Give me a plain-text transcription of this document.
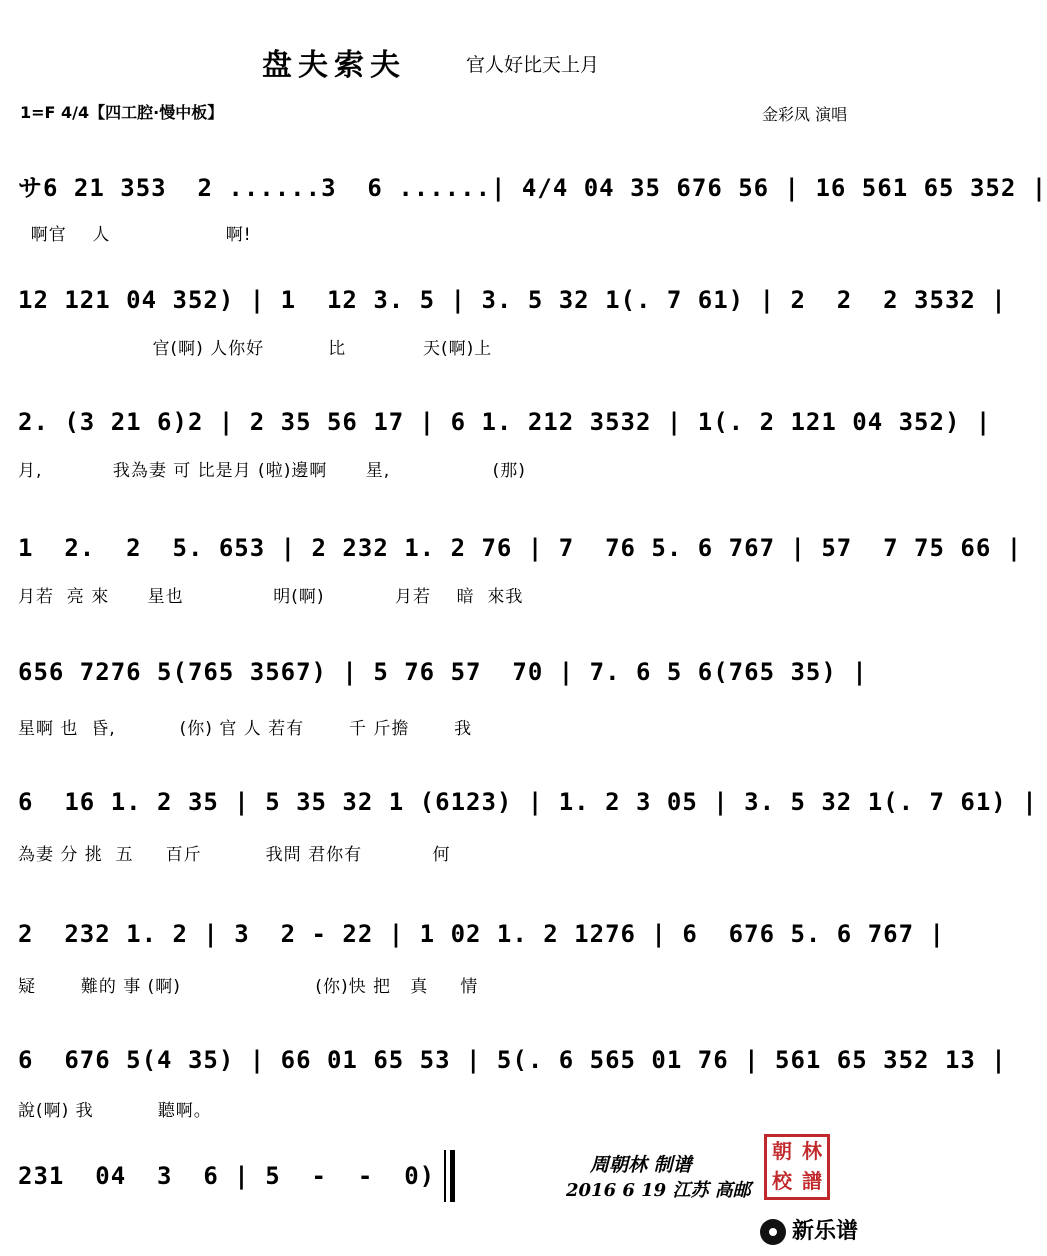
盘夫索夫	官人好比天上月
1=F 4/4【四工腔·慢中板】	金彩凤 演唱
サ6 21 353  2 ......3  6 ......| 4/4 04 35 676 56 | 16 561 65 352 |
啊官    人                  啊!
12 121 04 352) | 1  12 3. 5 | 3. 5 32 1(. 7 61) | 2  2  2 3532 |
官(啊) 人你好          比            天(啊)上
2. (3 21 6)2 | 2 35 56 17 | 6 1. 212 3532 | 1(. 2 121 04 352) |
月,           我為妻 可 比是月 (啦)邊啊      星,                (那)
1  2.  2  5. 653 | 2 232 1. 2 76 | 7  76 5. 6 767 | 57  7 75 66 |
月若  亮 來      星也              明(啊)           月若    暗  來我
656 7276 5(765 3567) | 5 76 57  70 | 7. 6 5 6(765 35) |
星啊 也  昏,          (你) 官 人 若有       千 斤擔       我
6  16 1. 2 35 | 5 35 32 1 (6123) | 1. 2 3 05 | 3. 5 32 1(. 7 61) |
為妻 分 挑  五     百斤          我問 君你有           何
2  232 1. 2 | 3  2 - 22 | 1 02 1. 2 1276 | 6  676 5. 6 767 |
疑       難的 事 (啊)                     (你)快 把   真     情
6  676 5(4 35) | 66 01 65 53 | 5(. 6 565 01 76 | 561 65 352 13 |
說(啊) 我          聽啊。
231  04  3  6 | 5  -  -  0)	周朝林 制谱
2016 6 19 江苏 高邮
朝 林
校 譜
新乐谱
